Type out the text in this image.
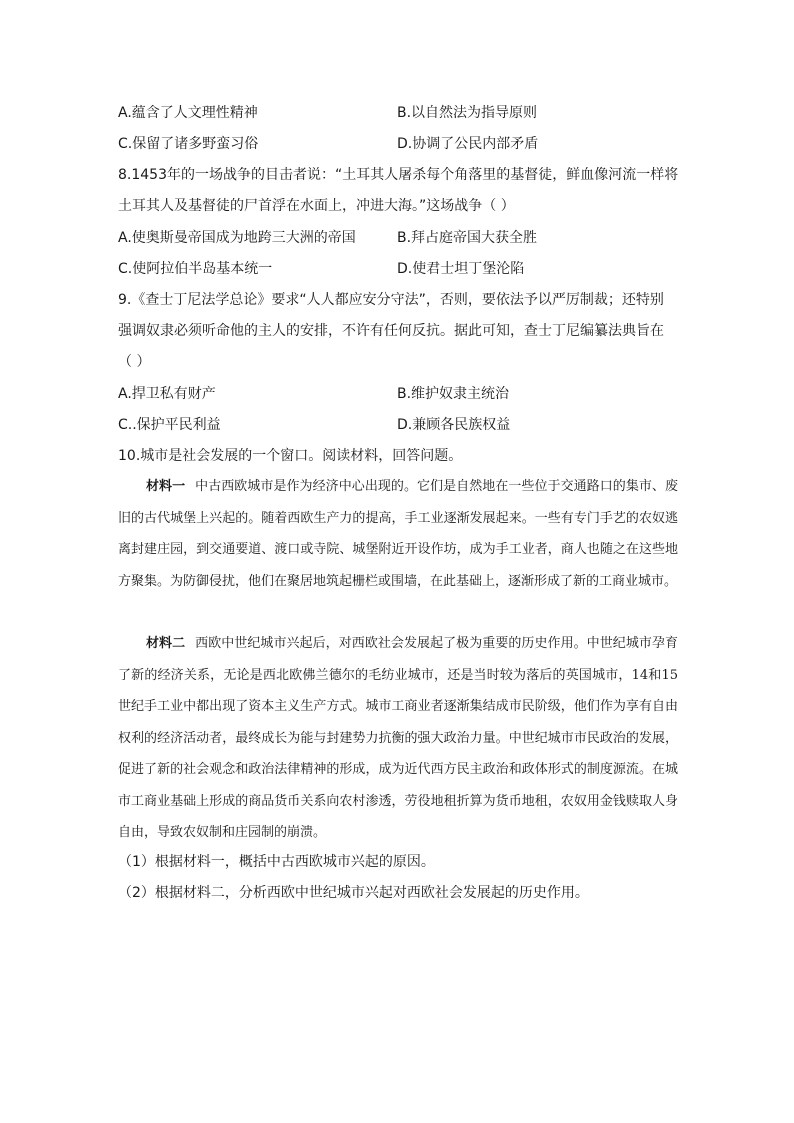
A.蕴含了人文理性精神	B.以自然法为指导原则
C.保留了诸多野蛮习俗	D.协调了公民内部矛盾
8.1453年的一场战争的目击者说：“土耳其人屠杀每个角落里的基督徒，鲜血像河流一样将
土耳其人及基督徒的尸首浮在水面上，冲进大海。”这场战争（ ）
A.使奥斯曼帝国成为地跨三大洲的帝国	B.拜占庭帝国大获全胜
C.使阿拉伯半岛基本统一	D.使君士坦丁堡沦陷
9.《查士丁尼法学总论》要求“人人都应安分守法”，否则，要依法予以严厉制裁；还特别
强调奴隶必须听命他的主人的安排，不许有任何反抗。据此可知，查士丁尼编纂法典旨在
（ ）
A.捍卫私有财产	B.维护奴隶主统治
C..保护平民利益	D.兼顾各民族权益
10.城市是社会发展的一个窗口。阅读材料，回答问题。
材料一 中古西欧城市是作为经济中心出现的。它们是自然地在一些位于交通路口的集市、废旧的古代城堡上兴起的。随着西欧生产力的提高，手工业逐渐发展起来。一些有专门手艺的农奴逃离封建庄园，到交通要道、渡口或寺院、城堡附近开设作坊，成为手工业者，商人也随之在这些地方聚集。为防御侵扰，他们在聚居地筑起栅栏或围墙，在此基础上，逐渐形成了新的工商业城市。
材料二 西欧中世纪城市兴起后，对西欧社会发展起了极为重要的历史作用。中世纪城市孕育了新的经济关系，无论是西北欧佛兰德尔的毛纺业城市，还是当时较为落后的英国城市，14和15世纪手工业中都出现了资本主义生产方式。城市工商业者逐渐集结成市民阶级，他们作为享有自由权利的经济活动者，最终成长为能与封建势力抗衡的强大政治力量。中世纪城市市民政治的发展，促进了新的社会观念和政治法律精神的形成，成为近代西方民主政治和政体形式的制度源流。在城市工商业基础上形成的商品货币关系向农村渗透，劳役地租折算为货币地租，农奴用金钱赎取人身自由，导致农奴制和庄园制的崩溃。
（1）根据材料一，概括中古西欧城市兴起的原因。
（2）根据材料二，分析西欧中世纪城市兴起对西欧社会发展起的历史作用。
